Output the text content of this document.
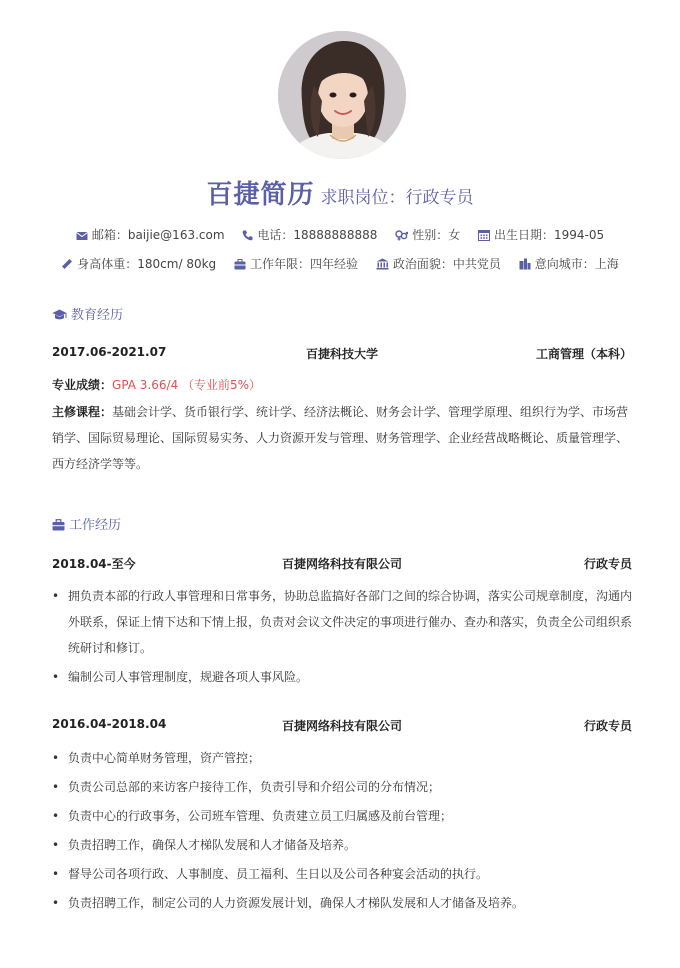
百捷简历 求职岗位：行政专员
邮箱：baijie@163.com	电话：18888888888	性别：女	出生日期：1994-05
身高体重：180cm/ 80kg	工作年限：四年经验	政治面貌：中共党员	意向城市：上海
教育经历
2017.06-2021.07	百捷科技大学	工商管理（本科）
专业成绩：GPA 3.66/4 （专业前5%）
主修课程：基础会计学、货币银行学、统计学、经济法概论、财务会计学、管理学原理、组织行为学、市场营销学、国际贸易理论、国际贸易实务、人力资源开发与管理、财务管理学、企业经营战略概论、质量管理学、西方经济学等等。
工作经历
2018.04-至今	百捷网络科技有限公司	行政专员
• 拥负责本部的行政人事管理和日常事务，协助总监搞好各部门之间的综合协调，落实公司规章制度，沟通内外联系，保证上情下达和下情上报，负责对会议文件决定的事项进行催办、查办和落实，负责全公司组织系统研讨和修订。
• 编制公司人事管理制度，规避各项人事风险。
2016.04-2018.04	百捷网络科技有限公司	行政专员
• 负责中心简单财务管理，资产管控；
• 负责公司总部的来访客户接待工作，负责引导和介绍公司的分布情况；
• 负责中心的行政事务，公司班车管理、负责建立员工归属感及前台管理；
• 负责招聘工作，确保人才梯队发展和人才储备及培养。
• 督导公司各项行政、人事制度、员工福利、生日以及公司各种宴会活动的执行。
• 负责招聘工作，制定公司的人力资源发展计划，确保人才梯队发展和人才储备及培养。
